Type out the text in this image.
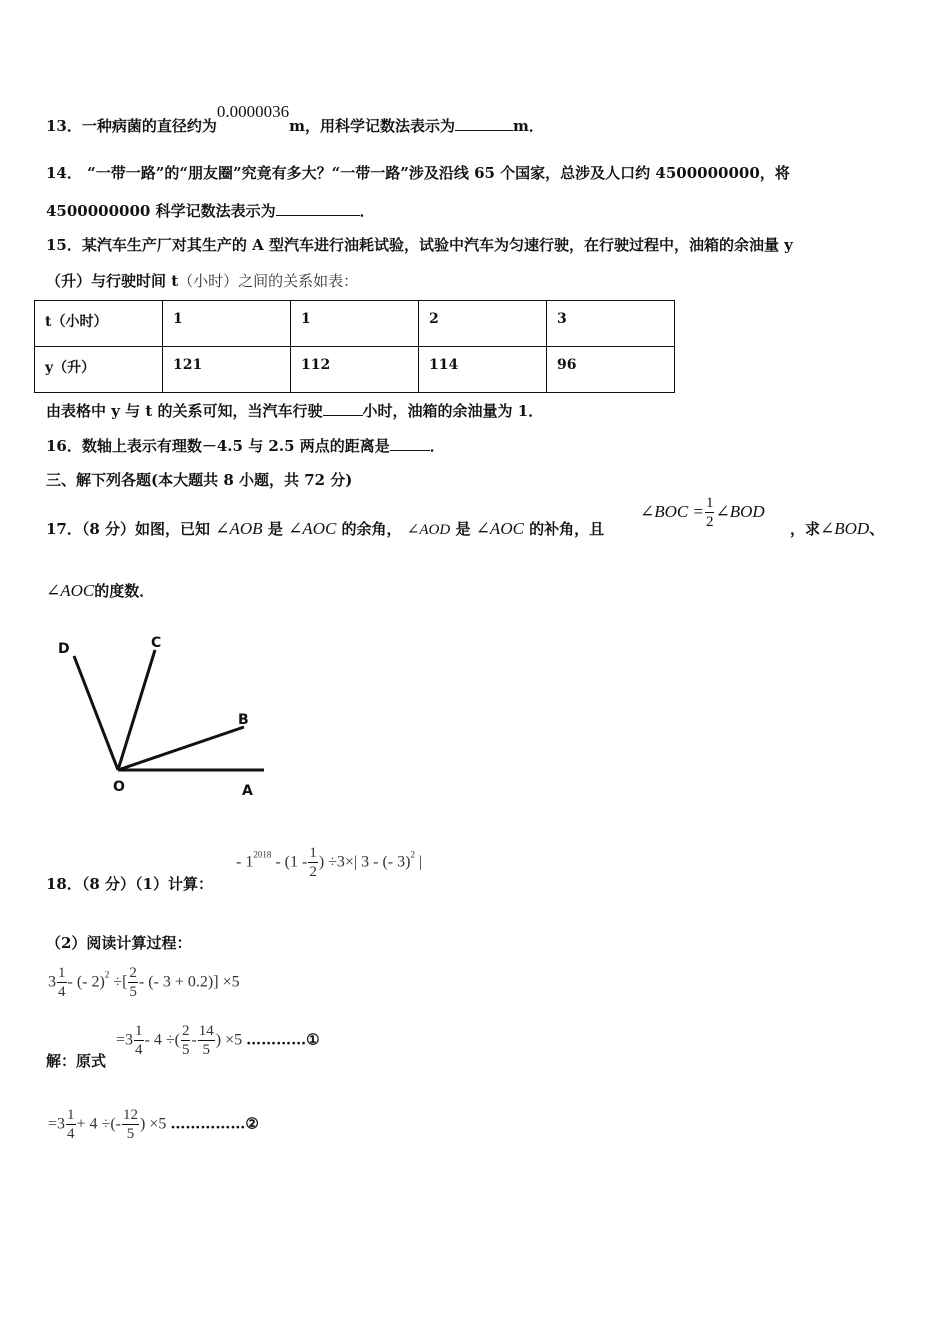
13．一种病菌的直径约为0.0000036m，用科学记数法表示为	m．
14． “一带一路”的“朋友圈”究竟有多大？“一带一路”涉及沿线 65 个国家，总涉及人口约 4500000000，将
4500000000 科学记数法表示为	．
15．某汽车生产厂对其生产的 A 型汽车进行油耗试验，试验中汽车为匀速行驶，在行驶过程中，油箱的余油量 y
（升）与行驶时间 t（小时）之间的关系如表：
t（小时）	1	1	2	3
y（升）	121	112	114	96
由表格中 y 与 t 的关系可知，当汽车行驶	小时，油箱的余油量为 1．
16．数轴上表示有理数－4.5 与 2.5 两点的距离是	．
三、解下列各题(本大题共 8 小题，共 72 分)
17．（8 分）如图，已知 ∠AOB 是 ∠AOC 的余角， ∠AOD 是 ∠AOC 的补角，且
∠BOC = $\frac{1}{2}$ ∠BOD
，求∠BOD、
∠AOC的度数．
D	C
B
O	A
18．（8 分）（1）计算：
- $1^{2018} - (1 - \frac{1}{2}$ ) ÷3×| 3 - (- 3)$^2$ |
（2）阅读计算过程：
$3 \frac{1}{4}$ - (- 2)$^2$ ÷[ $\frac{2}{5}$ - (- 3 + 0.2)] ×5
解：原式
$=3 \frac{1}{4} - 4$ ÷( $\frac{2}{5} - \frac{14}{5}$ ) ×5 …………①
$=3 \frac{1}{4} + 4$ ÷(- $\frac{12}{5}$ ) ×5 ……………②
